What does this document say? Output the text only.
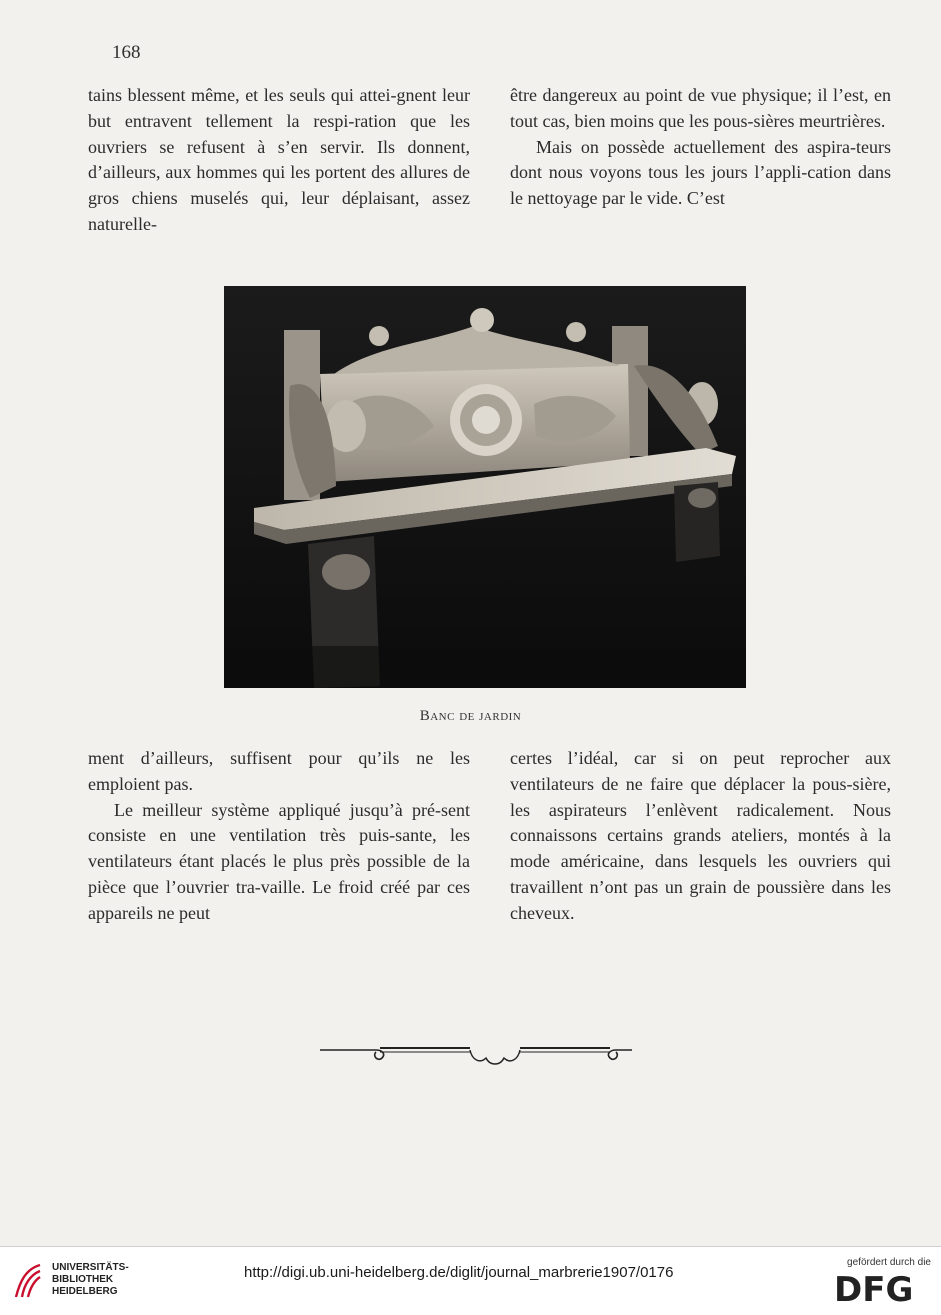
168

tains blessent même, et les seuls qui attei-gnent leur but entravent tellement la respi-ration que les ouvriers se refusent à s’en servir. Ils donnent, d’ailleurs, aux hommes qui les portent des allures de gros chiens muselés qui, leur déplaisant, assez naturelle-

être dangereux au point de vue physique; il l’est, en tout cas, bien moins que les pous-sières meurtrières.

Mais on possède actuellement des aspira-teurs dont nous voyons tous les jours l’appli-cation dans le nettoyage par le vide. C’est

Banc de jardin

ment d’ailleurs, suffisent pour qu’ils ne les emploient pas.

Le meilleur système appliqué jusqu’à pré-sent consiste en une ventilation très puis-sante, les ventilateurs étant placés le plus près possible de la pièce que l’ouvrier tra-vaille. Le froid créé par ces appareils ne peut

certes l’idéal, car si on peut reprocher aux ventilateurs de ne faire que déplacer la pous-sière, les aspirateurs l’enlèvent radicalement. Nous connaissons certains grands ateliers, montés à la mode américaine, dans lesquels les ouvriers qui travaillent n’ont pas un grain de poussière dans les cheveux.

UNIVERSITÄTS-
BIBLIOTHEK
HEIDELBERG
http://digi.ub.uni-heidelberg.de/diglit/journal_marbrerie1907/0176
gefördert durch die
DFG
